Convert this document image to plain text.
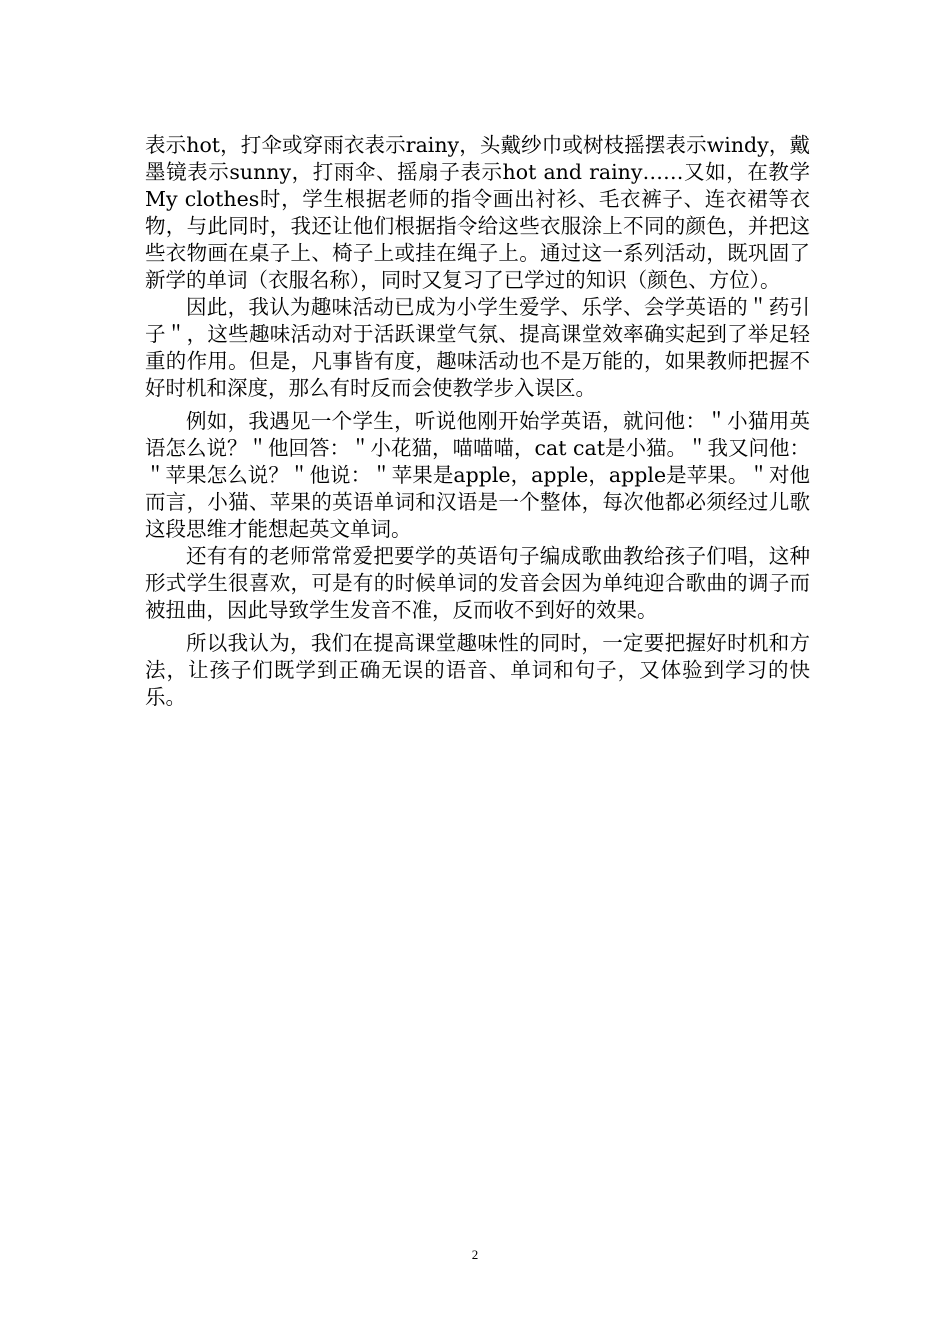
表示hot，打伞或穿雨衣表示rainy，头戴纱巾或树枝摇摆表示windy，戴墨镜表示sunny，打雨伞、摇扇子表示hot and rainy……又如，在教学My clothes时，学生根据老师的指令画出衬衫、毛衣裤子、连衣裙等衣物，与此同时，我还让他们根据指令给这些衣服涂上不同的颜色，并把这些衣物画在桌子上、椅子上或挂在绳子上。通过这一系列活动，既巩固了新学的单词（衣服名称），同时又复习了已学过的知识（颜色、方位）。

因此，我认为趣味活动已成为小学生爱学、乐学、会学英语的＂药引子＂，这些趣味活动对于活跃课堂气氛、提高课堂效率确实起到了举足轻重的作用。但是，凡事皆有度，趣味活动也不是万能的，如果教师把握不好时机和深度，那么有时反而会使教学步入误区。

例如，我遇见一个学生，听说他刚开始学英语，就问他：＂小猫用英语怎么说？＂他回答：＂小花猫，喵喵喵，cat cat是小猫。＂我又问他：＂苹果怎么说？＂他说：＂苹果是apple，apple，apple是苹果。＂对他而言，小猫、苹果的英语单词和汉语是一个整体，每次他都必须经过儿歌这段思维才能想起英文单词。

还有有的老师常常爱把要学的英语句子编成歌曲教给孩子们唱，这种形式学生很喜欢，可是有的时候单词的发音会因为单纯迎合歌曲的调子而被扭曲，因此导致学生发音不准，反而收不到好的效果。

所以我认为，我们在提高课堂趣味性的同时，一定要把握好时机和方法，让孩子们既学到正确无误的语音、单词和句子，又体验到学习的快乐。

2
